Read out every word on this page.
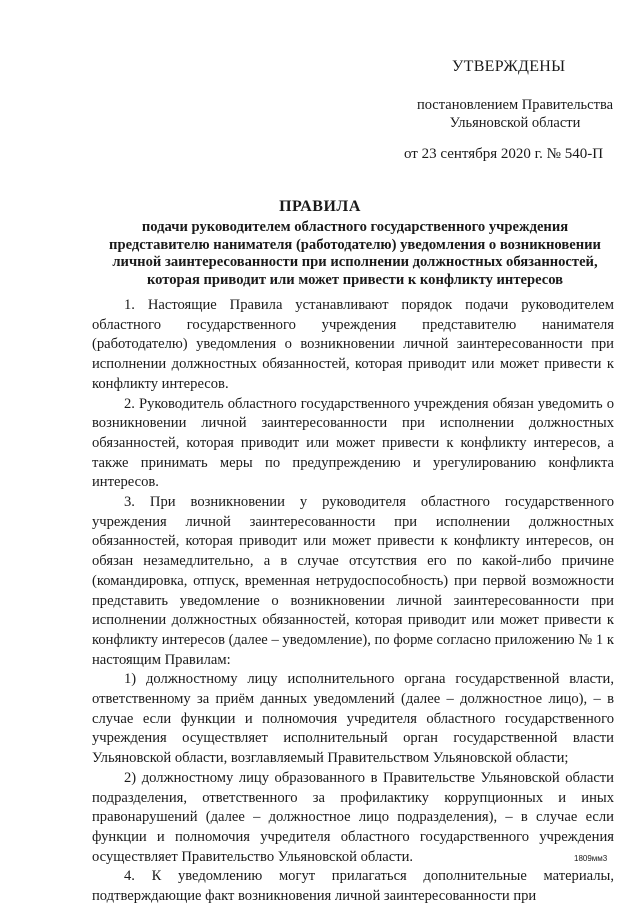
УТВЕРЖДЕНЫ
постановлением Правительства
Ульяновской области
от 23 сентября 2020 г. № 540-П
ПРАВИЛА
подачи руководителем областного государственного учреждения представителю нанимателя (работодателю) уведомления о возникновении личной заинтересованности при исполнении должностных обязанностей, которая приводит или может привести к конфликту интересов

1. Настоящие Правила устанавливают порядок подачи руководителем областного государственного учреждения представителю нанимателя (работодателю) уведомления о возникновении личной заинтересованности при исполнении должностных обязанностей, которая приводит или может привести к конфликту интересов.

2. Руководитель областного государственного учреждения обязан уведомить о возникновении личной заинтересованности при исполнении должностных обязанностей, которая приводит или может привести к конфликту интересов, а также принимать меры по предупреждению и урегулированию конфликта интересов.

3. При возникновении у руководителя областного государственного учреждения личной заинтересованности при исполнении должностных обязанностей, которая приводит или может привести к конфликту интересов, он обязан незамедлительно, а в случае отсутствия его по какой-либо причине (командировка, отпуск, временная нетрудоспособность) при первой возможности представить уведомление о возникновении личной заинтересованности при исполнении должностных обязанностей, которая приводит или может привести к конфликту интересов (далее – уведомление), по форме согласно приложению № 1 к настоящим Правилам:

1) должностному лицу исполнительного органа государственной власти, ответственному за приём данных уведомлений (далее – должностное лицо), – в случае если функции и полномочия учредителя областного государственного учреждения осуществляет исполнительный орган государственной власти Ульяновской области, возглавляемый Правительством Ульяновской области;

2) должностному лицу образованного в Правительстве Ульяновской области подразделения, ответственного за профилактику коррупционных и иных правонарушений (далее – должностное лицо подразделения), – в случае если функции и полномочия учредителя областного государственного учреждения осуществляет Правительство Ульяновской области.

4. К уведомлению могут прилагаться дополнительные материалы, подтверждающие факт возникновения личной заинтересованности при

1809мм3
